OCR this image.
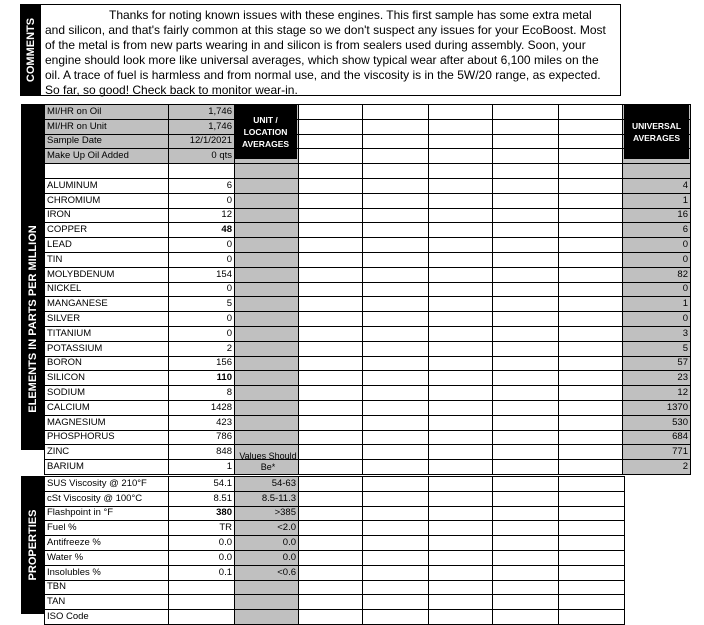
COMMENTS
Thanks for noting known issues with these engines. This first sample has some extra metal and silicon, and that's fairly common at this stage so we don't suspect any issues for your EcoBoost. Most of the metal is from new parts wearing in and silicon is from sealers used during assembly. Soon, your engine should look more like universal averages, which show typical wear after about 6,100 miles on the oil. A trace of fuel is harmless and from normal use, and the viscosity is in the 5W/20 range, as expected. So far, so good! Check back to monitor wear-in.
ELEMENTS IN PARTS PER MILLION
MI/HR on Oil	1,746							
MI/HR on Unit	1,746							
Sample Date	12/1/2021							
Make Up Oil Added	0 qts							

ALUMINUM	6							4
CHROMIUM	0							1
IRON	12							16
COPPER	48							6
LEAD	0							0
TIN	0							0
MOLYBDENUM	154							82
NICKEL	0							0
MANGANESE	5							1
SILVER	0							0
TITANIUM	0							3
POTASSIUM	2							5
BORON	156							57
SILICON	110							23
SODIUM	8							12
CALCIUM	1428							1370
MAGNESIUM	423							530
PHOSPHORUS	786							684
ZINC	848							771
BARIUM	1							2
UNIT / LOCATION AVERAGES
UNIVERSAL AVERAGES
Values Should Be*
PROPERTIES
SUS Viscosity @ 210°F	54.1	54-63					
cSt Viscosity @ 100°C	8.51	8.5-11.3					
Flashpoint in °F	380	>385					
Fuel %	TR	<2.0					
Antifreeze %	0.0	0.0					
Water %	0.0	0.0					
Insolubles %	0.1	<0.6					
TBN							
TAN							
ISO Code							
